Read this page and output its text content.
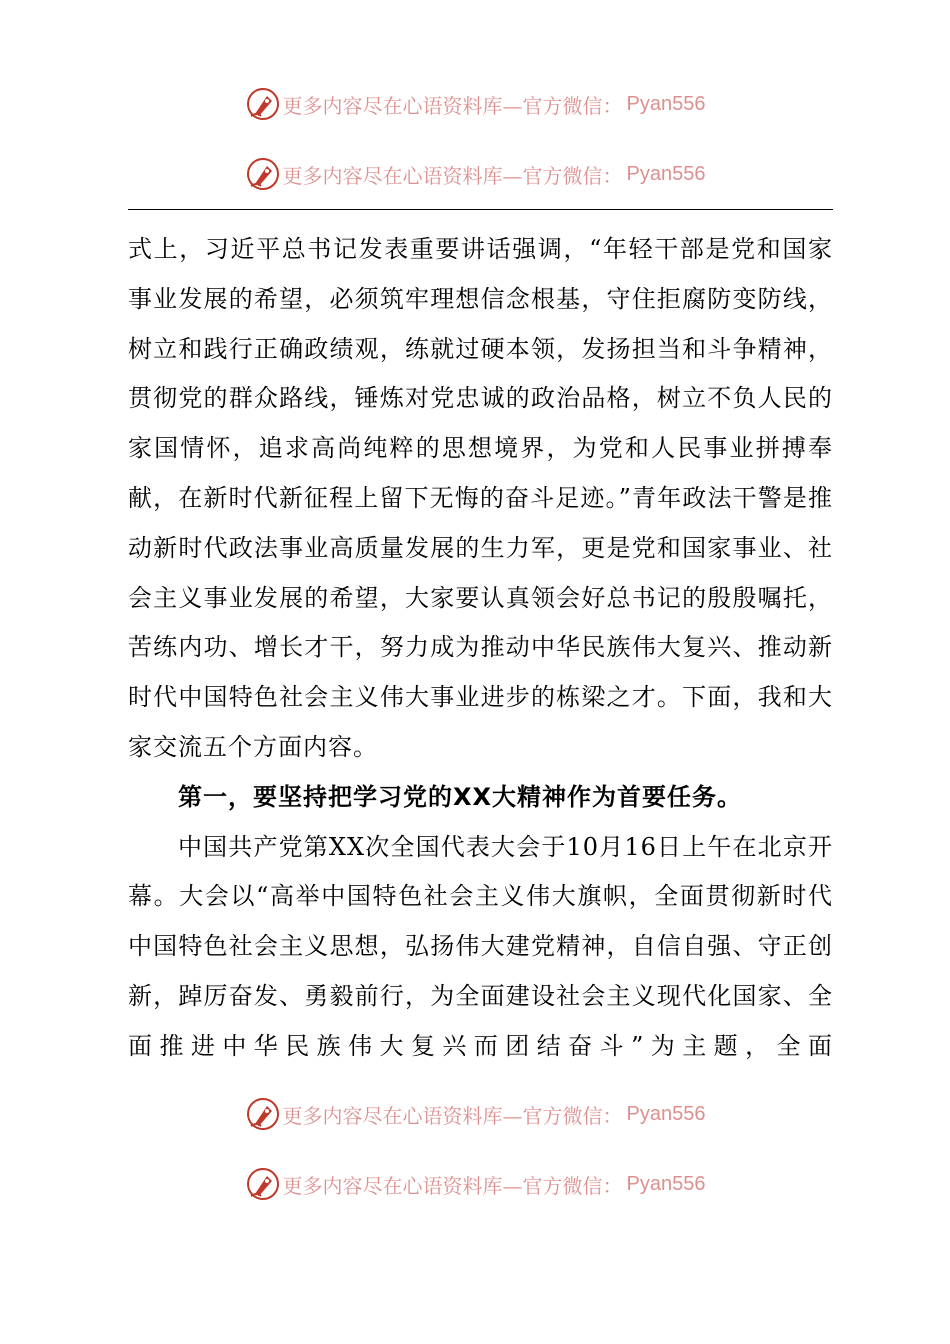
更多内容尽在心语资料库—官方微信： Pyan556
更多内容尽在心语资料库—官方微信： Pyan556

式上，习近平总书记发表重要讲话强调，“年轻干部是党和国家事业发展的希望，必须筑牢理想信念根基，守住拒腐防变防线，树立和践行正确政绩观，练就过硬本领，发扬担当和斗争精神，贯彻党的群众路线，锤炼对党忠诚的政治品格，树立不负人民的家国情怀，追求高尚纯粹的思想境界，为党和人民事业拼搏奉献，在新时代新征程上留下无悔的奋斗足迹。”青年政法干警是推动新时代政法事业高质量发展的生力军，更是党和国家事业、社会主义事业发展的希望，大家要认真领会好总书记的殷殷嘱托，苦练内功、增长才干，努力成为推动中华民族伟大复兴、推动新时代中国特色社会主义伟大事业进步的栋梁之才。下面，我和大家交流五个方面内容。

第一，要坚持把学习党的XX大精神作为首要任务。

中国共产党第XX次全国代表大会于10月16日上午在北京开幕。大会以“高举中国特色社会主义伟大旗帜，全面贯彻新时代中国特色社会主义思想，弘扬伟大建党精神，自信自强、守正创新，踔厉奋发、勇毅前行，为全面建设社会主义现代化国家、全面推进中华民族伟大复兴而团结奋斗”为主题，全面

更多内容尽在心语资料库—官方微信： Pyan556
更多内容尽在心语资料库—官方微信： Pyan556
